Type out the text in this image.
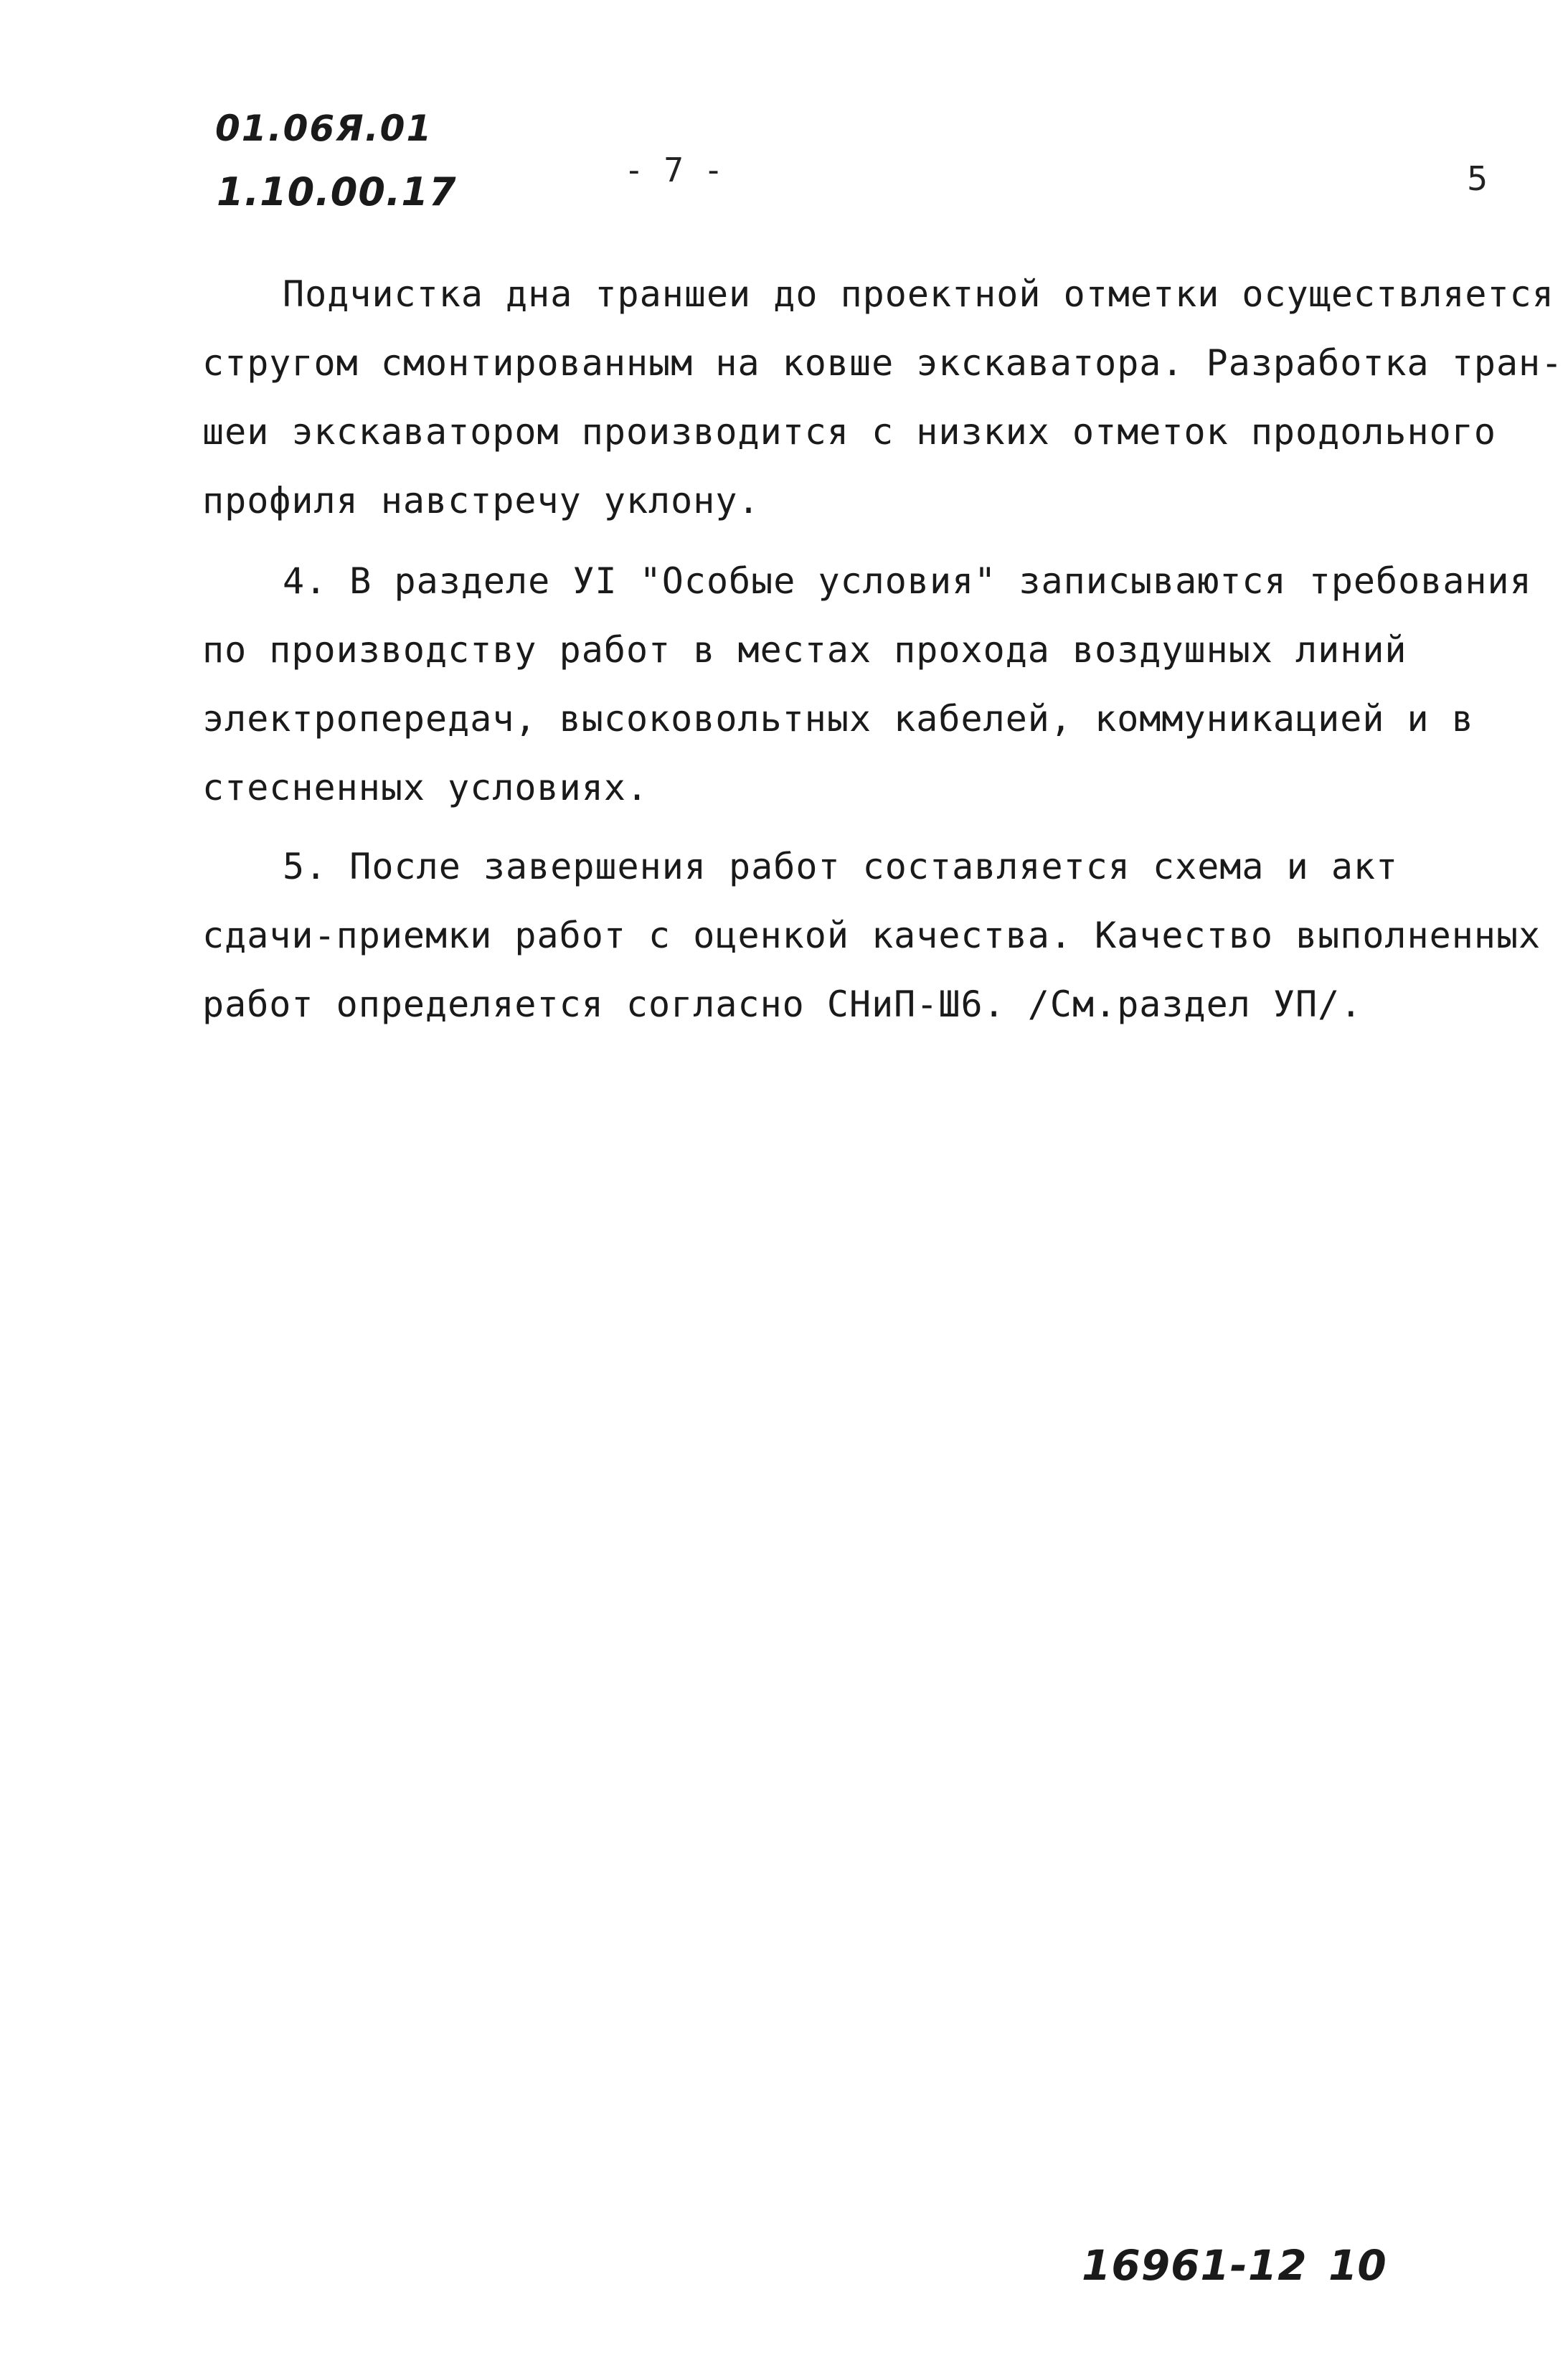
01.06Я.01
1.10.00.17	- 7 -	5
Подчистка дна траншеи до проектной отметки осуществляется
стругом смонтированным на ковше экскаватора. Разработка тран-
шеи экскаватором производится с низких отметок продольного
профиля навстречу уклону.
4. В разделе УI "Особые условия" записываются требования
по производству работ в местах прохода воздушных линий
электропередач, высоковольтных кабелей, коммуникацией и в
стесненных условиях.
5. После завершения работ составляется схема и акт
сдачи-приемки работ с оценкой качества. Качество выполненных
работ определяется согласно СНиП-Ш6. /См.раздел УП/.
16961-12 10
